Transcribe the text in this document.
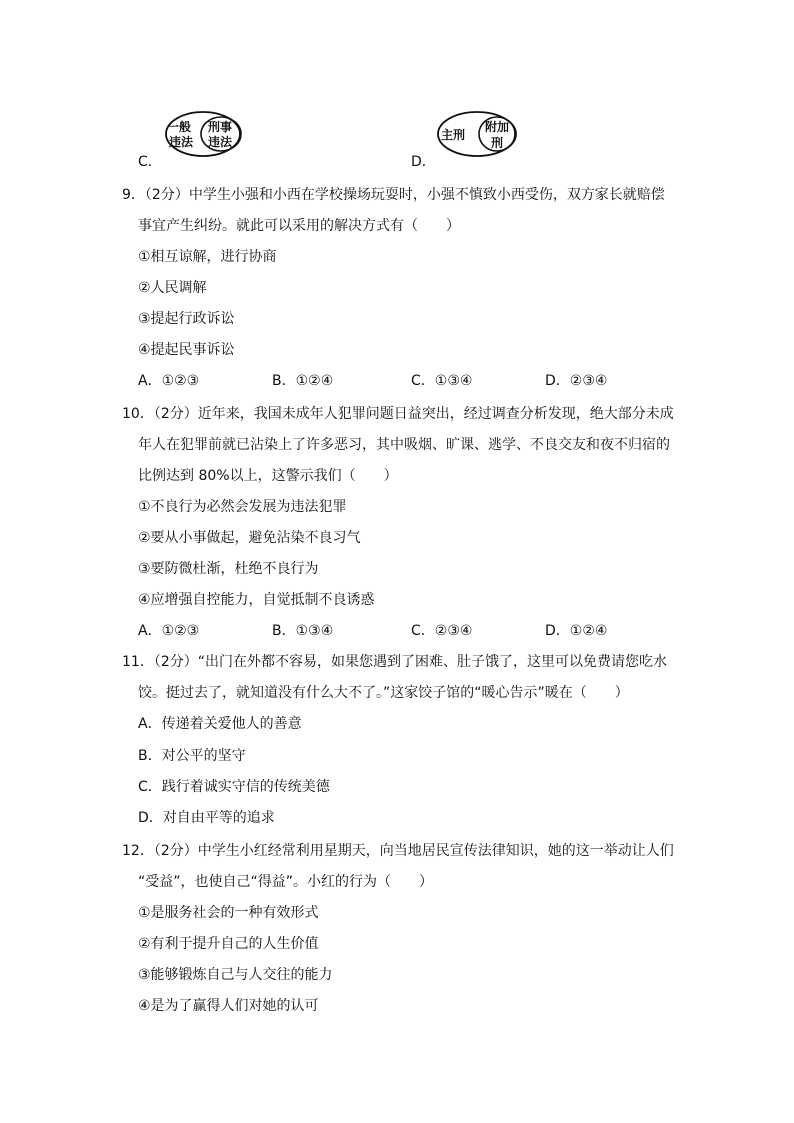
一般
违法
刑事
违法
C．
主刑
附加
刑
D．
9．（2分）中学生小强和小西在学校操场玩耍时，小强不慎致小西受伤，双方家长就赔偿
事宜产生纠纷。就此可以采用的解决方式有（　　）
①相互谅解，进行协商
②人民调解
③提起行政诉讼
④提起民事诉讼
A．①②③	B．①②④	C．①③④	D．②③④
10．（2分）近年来，我国未成年人犯罪问题日益突出，经过调查分析发现，绝大部分未成
年人在犯罪前就已沾染上了许多恶习，其中吸烟、旷课、逃学、不良交友和夜不归宿的
比例达到 80%以上，这警示我们（　　）
①不良行为必然会发展为违法犯罪
②要从小事做起，避免沾染不良习气
③要防微杜渐，杜绝不良行为
④应增强自控能力，自觉抵制不良诱惑
A．①②③	B．①③④	C．②③④	D．①②④
11．（2分）“出门在外都不容易，如果您遇到了困难、肚子饿了，这里可以免费请您吃水
饺。挺过去了，就知道没有什么大不了。”这家饺子馆的“暖心告示”暖在（　　）
A．传递着关爱他人的善意
B．对公平的坚守
C．践行着诚实守信的传统美德
D．对自由平等的追求
12．（2分）中学生小红经常利用星期天，向当地居民宣传法律知识，她的这一举动让人们
“受益”，也使自己“得益”。小红的行为（　　）
①是服务社会的一种有效形式
②有利于提升自己的人生价值
③能够锻炼自己与人交往的能力
④是为了赢得人们对她的认可
